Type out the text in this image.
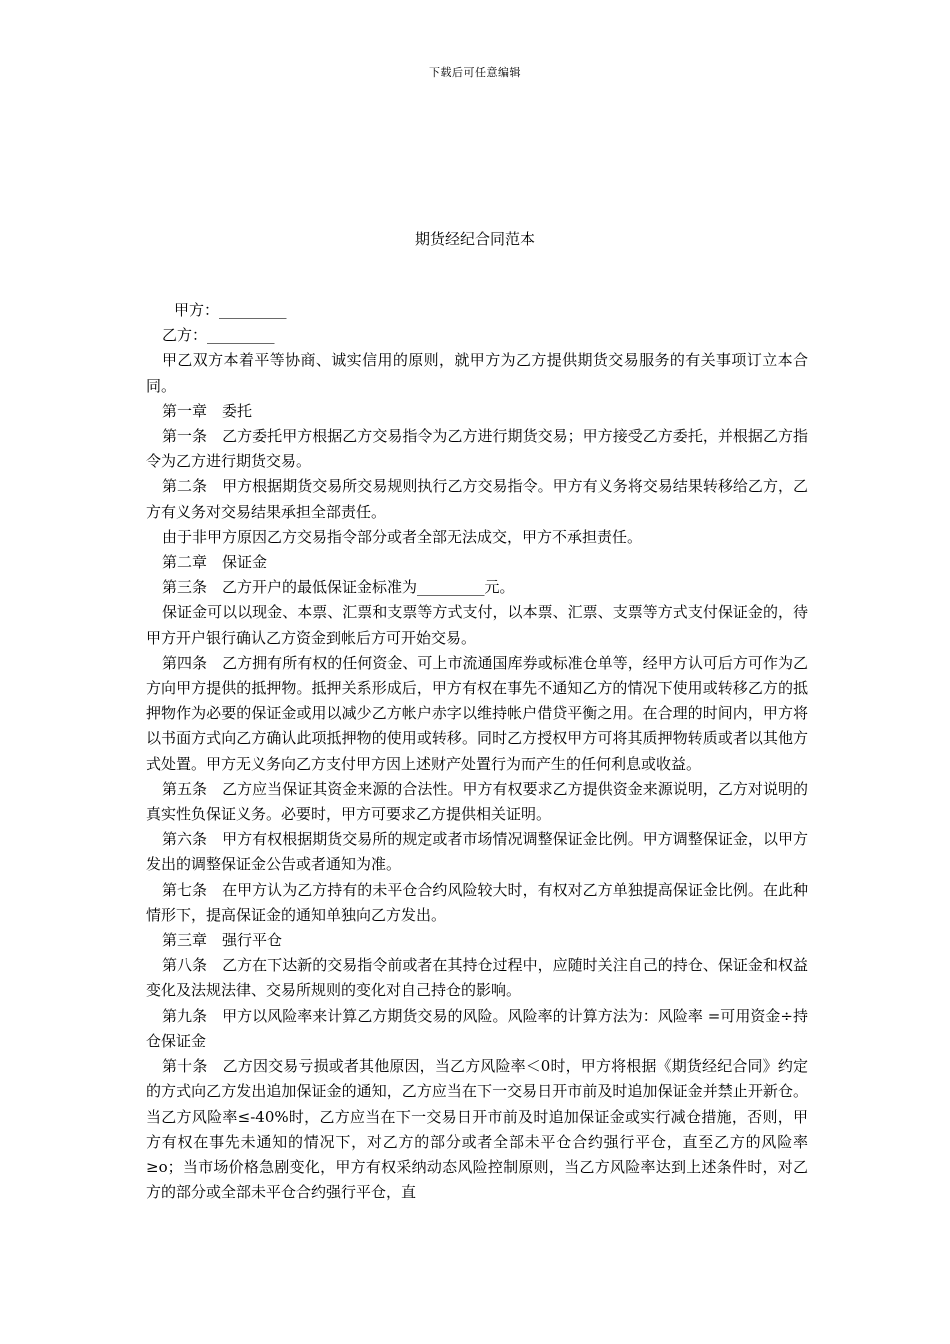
下载后可任意编辑
期货经纪合同范本

甲方：_________

乙方：_________

甲乙双方本着平等协商、诚实信用的原则，就甲方为乙方提供期货交易服务的有关事项订立本合同。

第一章　委托

第一条　乙方委托甲方根据乙方交易指令为乙方进行期货交易；甲方接受乙方委托，并根据乙方指令为乙方进行期货交易。

第二条　甲方根据期货交易所交易规则执行乙方交易指令。甲方有义务将交易结果转移给乙方，乙方有义务对交易结果承担全部责任。

由于非甲方原因乙方交易指令部分或者全部无法成交，甲方不承担责任。

第二章　保证金

第三条　乙方开户的最低保证金标准为_________元。

保证金可以以现金、本票、汇票和支票等方式支付，以本票、汇票、支票等方式支付保证金的，待甲方开户银行确认乙方资金到帐后方可开始交易。

第四条　乙方拥有所有权的任何资金、可上市流通国库券或标准仓单等，经甲方认可后方可作为乙方向甲方提供的抵押物。抵押关系形成后，甲方有权在事先不通知乙方的情况下使用或转移乙方的抵押物作为必要的保证金或用以减少乙方帐户赤字以维持帐户借贷平衡之用。在合理的时间内，甲方将以书面方式向乙方确认此项抵押物的使用或转移。同时乙方授权甲方可将其质押物转质或者以其他方式处置。甲方无义务向乙方支付甲方因上述财产处置行为而产生的任何利息或收益。

第五条　乙方应当保证其资金来源的合法性。甲方有权要求乙方提供资金来源说明，乙方对说明的真实性负保证义务。必要时，甲方可要求乙方提供相关证明。

第六条　甲方有权根据期货交易所的规定或者市场情况调整保证金比例。甲方调整保证金，以甲方发出的调整保证金公告或者通知为准。

第七条　在甲方认为乙方持有的未平仓合约风险较大时，有权对乙方单独提高保证金比例。在此种情形下，提高保证金的通知单独向乙方发出。

第三章　强行平仓

第八条　乙方在下达新的交易指令前或者在其持仓过程中，应随时关注自己的持仓、保证金和权益变化及法规法律、交易所规则的变化对自己持仓的影响。

第九条　甲方以风险率来计算乙方期货交易的风险。风险率的计算方法为：风险率 =可用资金÷持仓保证金

第十条　乙方因交易亏损或者其他原因，当乙方风险率＜0时，甲方将根据《期货经纪合同》约定的方式向乙方发出追加保证金的通知，乙方应当在下一交易日开市前及时追加保证金并禁止开新仓。当乙方风险率≤-40%时，乙方应当在下一交易日开市前及时追加保证金或实行减仓措施，否则，甲方有权在事先未通知的情况下，对乙方的部分或者全部未平仓合约强行平仓，直至乙方的风险率≥o；当市场价格急剧变化，甲方有权采纳动态风险控制原则，当乙方风险率达到上述条件时，对乙方的部分或全部未平仓合约强行平仓，直
